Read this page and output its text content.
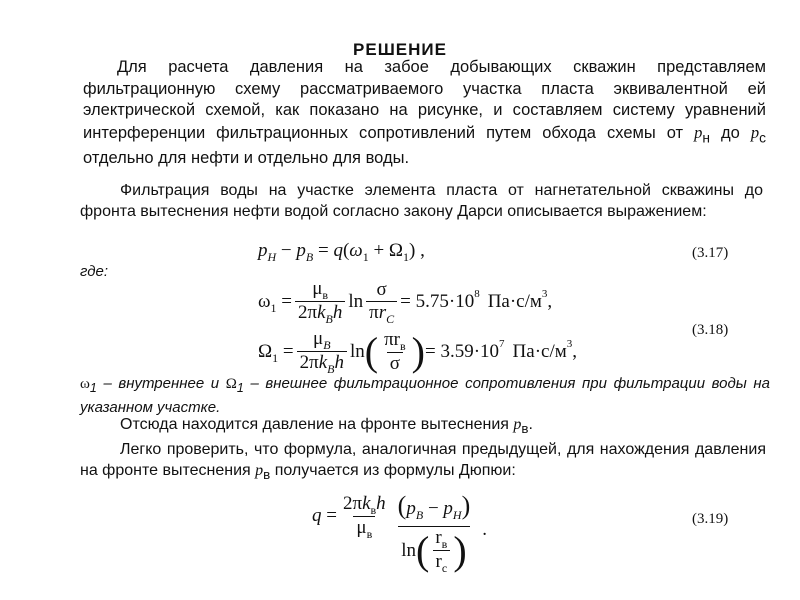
РЕШЕНИЕ
Для расчета давления на забое добывающих скважин представляем фильтрационную схему рассматриваемого участка пласта эквивалентной ей электрической схемой, как показано на рисунке, и составляем систему уравнений интерференции фильтрационных сопротивлений путем обхода схемы от $р_н$ до $р_с$ отдельно для нефти и отдельно для воды.
Фильтрация воды на участке элемента пласта от нагнетательной скважины до фронта вытеснения нефти водой согласно закону Дарси описывается выражением:
$p_H - p_B = q(\omega_1 + \Omega_1)$ ,	(3.17)
где:
$\omega_1 = \frac{\mu_в}{2\pi k_Bh}$ $\ln \frac{\sigma}{\pi r_C} = 5.75\cdot 10$ 8 Па·с/м 3 ,
$\Omega_1 = \frac{\mu_B}{2\pi k_Bh}$ ln ( $\frac{\pi r_в}{\sigma}$ ) = 3.59·10 7 Па·с/м 3 ,
(3.18)
$\omega_1$ – внутреннее и $\Omega_1$ – внешнее фильтрационное сопротивления при фильтрации воды на указанном участке.
Отсюда находится давление на фронте вытеснения $р_в$.
Легко проверить, что формула, аналогичная предыдущей, для нахождения давления на фронте вытеснения $р_в$ получается из формулы Дюпюи:
$q = \frac{2\pi k_вh}{\mu_в} \frac{(p_B - p_H)}{\ln ( \frac{r_в}{r_с} )}$ .	(3.19)
